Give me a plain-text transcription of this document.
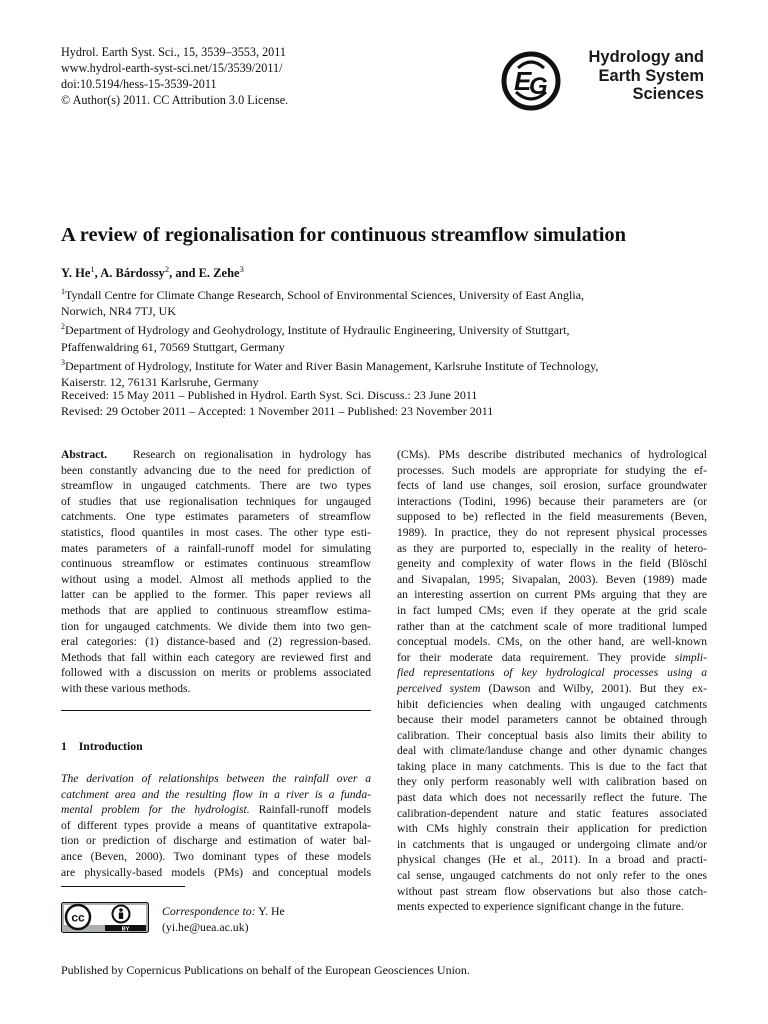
Hydrol. Earth Syst. Sci., 15, 3539–3553, 2011
www.hydrol-earth-syst-sci.net/15/3539/2011/
doi:10.5194/hess-15-3539-2011
© Author(s) 2011. CC Attribution 3.0 License.
E
G
Hydrology and
Earth System
Sciences
A review of regionalisation for continuous streamflow simulation
Y. He$^1$, A. Bárdossy$^2$, and E. Zehe$^3$
$^1$Tyndall Centre for Climate Change Research, School of Environmental Sciences, University of East Anglia,
Norwich, NR4 7TJ, UK
$^2$Department of Hydrology and Geohydrology, Institute of Hydraulic Engineering, University of Stuttgart,
Pfaffenwaldring 61, 70569 Stuttgart, Germany
$^3$Department of Hydrology, Institute for Water and River Basin Management, Karlsruhe Institute of Technology,
Kaiserstr. 12, 76131 Karlsruhe, Germany
Received: 15 May 2011 – Published in Hydrol. Earth Syst. Sci. Discuss.: 23 June 2011
Revised: 29 October 2011 – Accepted: 1 November 2011 – Published: 23 November 2011
Abstract. Research on regionalisation in hydrology has
been constantly advancing due to the need for prediction of
streamflow in ungauged catchments. There are two types
of studies that use regionalisation techniques for ungauged
catchments. One type estimates parameters of streamflow
statistics, flood quantiles in most cases. The other type esti-
mates parameters of a rainfall-runoff model for simulating
continuous streamflow or estimates continuous streamflow
without using a model. Almost all methods applied to the
latter can be applied to the former. This paper reviews all
methods that are applied to continuous streamflow estima-
tion for ungauged catchments. We divide them into two gen-
eral categories: (1) distance-based and (2) regression-based.
Methods that fall within each category are reviewed first and
followed with a discussion on merits or problems associated
with these various methods.
1 Introduction
The derivation of relationships between the rainfall over a
catchment area and the resulting flow in a river is a funda-
mental problem for the hydrologist. Rainfall-runoff models
of different types provide a means of quantitative extrapola-
tion or prediction of discharge and estimation of water bal-
ance (Beven, 2000). Two dominant types of these models
are physically-based models (PMs) and conceptual models
cc
BY
Correspondence to: Y. He
(yi.he@uea.ac.uk)
(CMs). PMs describe distributed mechanics of hydrological
processes. Such models are appropriate for studying the ef-
fects of land use changes, soil erosion, surface groundwater
interactions (Todini, 1996) because their parameters are (or
supposed to be) reflected in the field measurements (Beven,
1989). In practice, they do not represent physical processes
as they are purported to, especially in the reality of hetero-
geneity and complexity of water flows in the field (Blöschl
and Sivapalan, 1995; Sivapalan, 2003). Beven (1989) made
an interesting assertion on current PMs arguing that they are
in fact lumped CMs; even if they operate at the grid scale
rather than at the catchment scale of more traditional lumped
conceptual models. CMs, on the other hand, are well-known
for their moderate data requirement. They provide simpli-
fied representations of key hydrological processes using a
perceived system (Dawson and Wilby, 2001). But they ex-
hibit deficiencies when dealing with ungauged catchments
because their model parameters cannot be obtained through
calibration. Their conceptual basis also limits their ability to
deal with climate/landuse change and other dynamic changes
taking place in many catchments. This is due to the fact that
they only perform reasonably well with calibration based on
past data which does not necessarily reflect the future. The
calibration-dependent nature and static features associated
with CMs highly constrain their application for prediction
in catchments that is ungauged or undergoing climate and/or
physical changes (He et al., 2011). In a broad and practi-
cal sense, ungauged catchments do not only refer to the ones
without past stream flow observations but also those catch-
ments expected to experience significant change in the future.
Published by Copernicus Publications on behalf of the European Geosciences Union.
